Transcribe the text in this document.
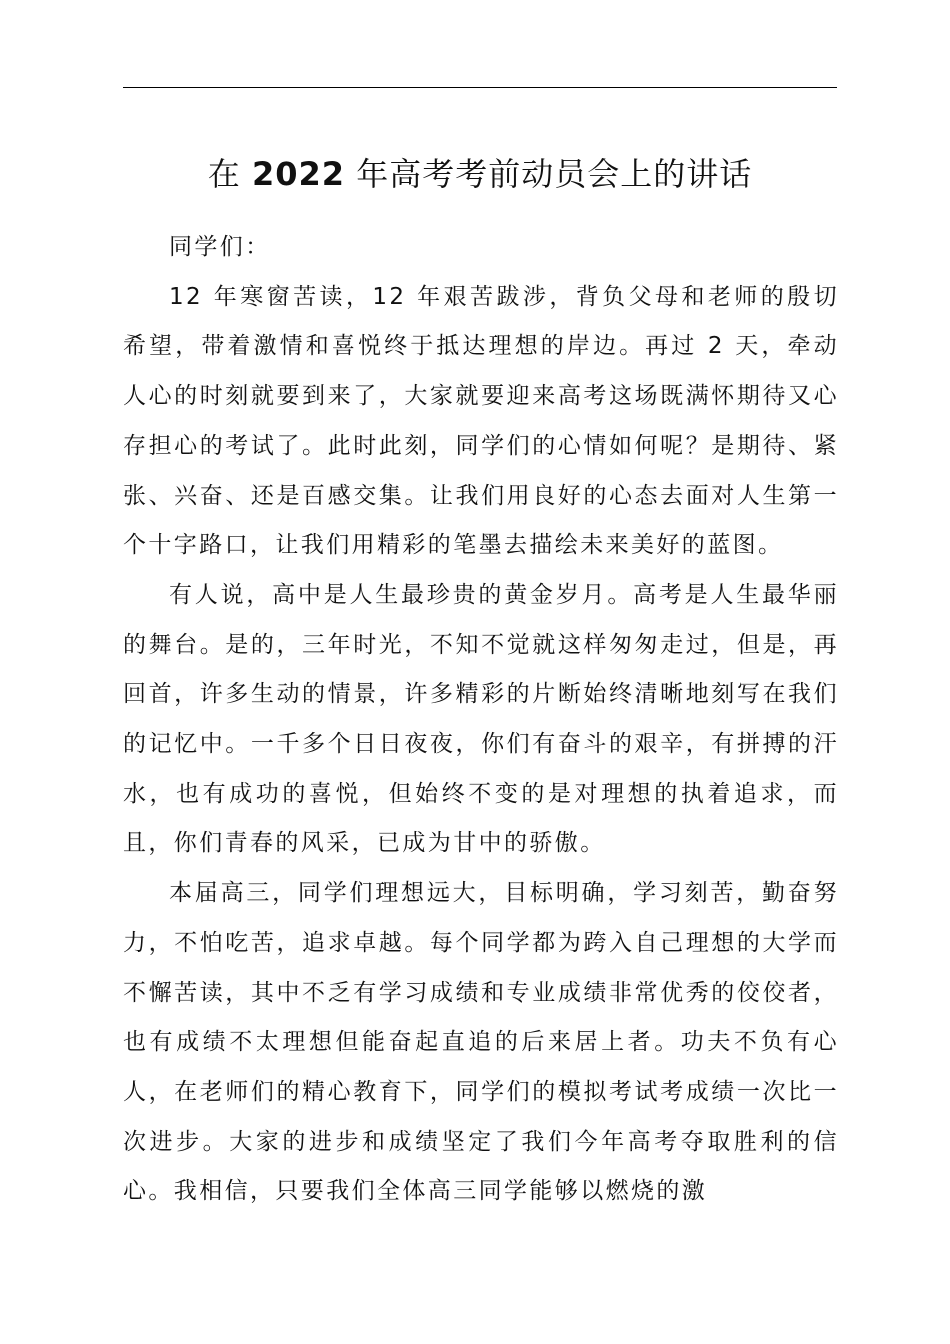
在 2022 年高考考前动员会上的讲话

同学们：

12 年寒窗苦读，12 年艰苦跋涉，背负父母和老师的殷切希望，带着激情和喜悦终于抵达理想的岸边。再过 2 天，牵动人心的时刻就要到来了，大家就要迎来高考这场既满怀期待又心存担心的考试了。此时此刻，同学们的心情如何呢？是期待、紧张、兴奋、还是百感交集。让我们用良好的心态去面对人生第一个十字路口，让我们用精彩的笔墨去描绘未来美好的蓝图。

有人说，高中是人生最珍贵的黄金岁月。高考是人生最华丽的舞台。是的，三年时光，不知不觉就这样匆匆走过，但是，再回首，许多生动的情景，许多精彩的片断始终清晰地刻写在我们的记忆中。一千多个日日夜夜，你们有奋斗的艰辛，有拼搏的汗水，也有成功的喜悦，但始终不变的是对理想的执着追求，而且，你们青春的风采，已成为甘中的骄傲。

本届高三，同学们理想远大，目标明确，学习刻苦，勤奋努力，不怕吃苦，追求卓越。每个同学都为跨入自己理想的大学而不懈苦读，其中不乏有学习成绩和专业成绩非常优秀的佼佼者，也有成绩不太理想但能奋起直追的后来居上者。功夫不负有心人，在老师们的精心教育下，同学们的模拟考试考成绩一次比一次进步。大家的进步和成绩坚定了我们今年高考夺取胜利的信心。我相信，只要我们全体高三同学能够以燃烧的激
